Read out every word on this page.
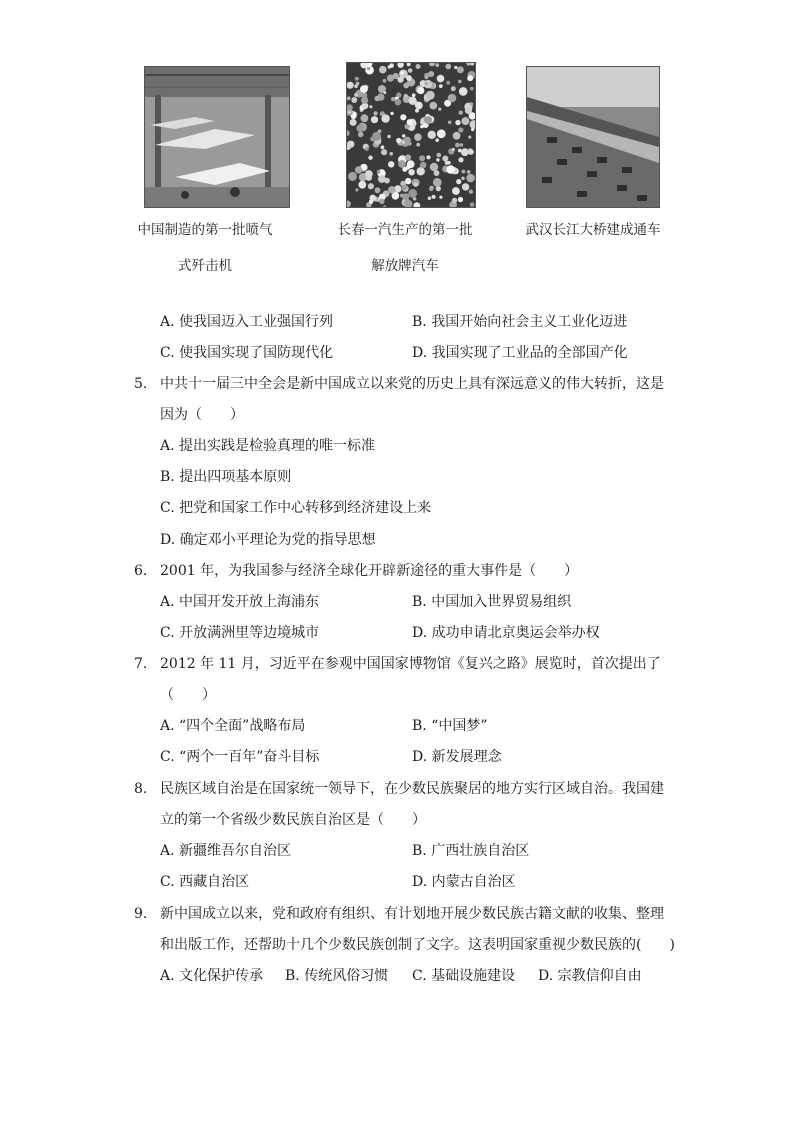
中国制造的第一批喷气
式歼击机
长春一汽生产的第一批
解放牌汽车
武汉长江大桥建成通车
A. 使我国迈入工业强国行列	B. 我国开始向社会主义工业化迈进
C. 使我国实现了国防现代化	D. 我国实现了工业品的全部国产化
5. 中共十一届三中全会是新中国成立以来党的历史上具有深远意义的伟大转折，这是
因为（　　）
A. 提出实践是检验真理的唯一标准
B. 提出四项基本原则
C. 把党和国家工作中心转移到经济建设上来
D. 确定邓小平理论为党的指导思想
6. 2001 年，为我国参与经济全球化开辟新途径的重大事件是（　　）
A. 中国开发开放上海浦东	B. 中国加入世界贸易组织
C. 开放满洲里等边境城市	D. 成功申请北京奥运会举办权
7. 2012 年 11 月，习近平在参观中国国家博物馆《复兴之路》展览时，首次提出了
（　　）
A. “四个全面”战略布局	B. “中国梦”
C. “两个一百年”奋斗目标	D. 新发展理念
8. 民族区域自治是在国家统一领导下，在少数民族聚居的地方实行区域自治。我国建
立的第一个省级少数民族自治区是（　　）
A. 新疆维吾尔自治区	B. 广西壮族自治区
C. 西藏自治区	D. 内蒙古自治区
9. 新中国成立以来，党和政府有组织、有计划地开展少数民族古籍文献的收集、整理
和出版工作，还帮助十几个少数民族创制了文字。这表明国家重视少数民族的(　　)
A. 文化保护传承 B. 传统风俗习惯 C. 基础设施建设 D. 宗教信仰自由
